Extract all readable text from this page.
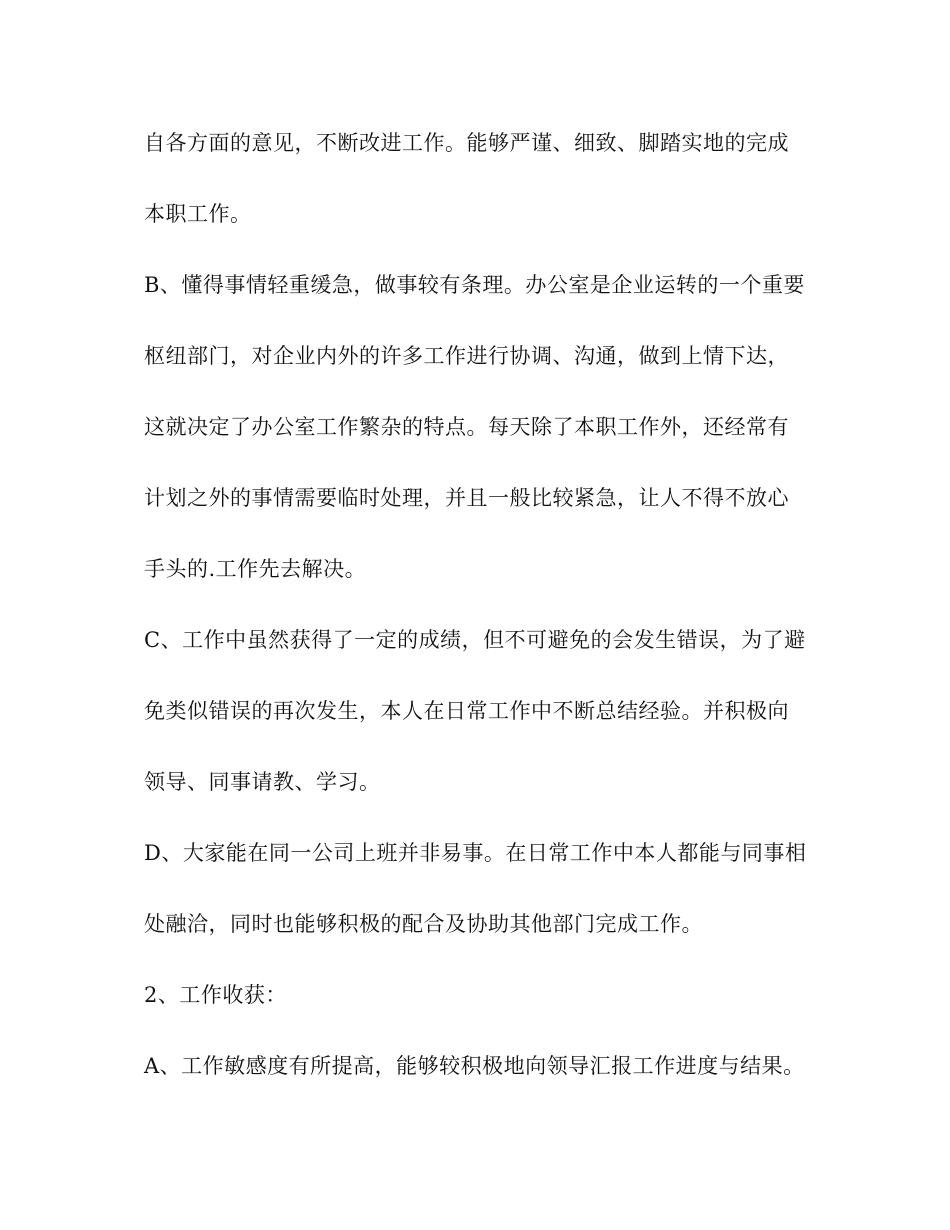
自各方面的意见，不断改进工作。能够严谨、细致、脚踏实地的完成
本职工作。
B、懂得事情轻重缓急，做事较有条理。办公室是企业运转的一个重要
枢纽部门，对企业内外的许多工作进行协调、沟通，做到上情下达，
这就决定了办公室工作繁杂的特点。每天除了本职工作外，还经常有
计划之外的事情需要临时处理，并且一般比较紧急，让人不得不放心
手头的.工作先去解决。
C、工作中虽然获得了一定的成绩，但不可避免的会发生错误，为了避
免类似错误的再次发生，本人在日常工作中不断总结经验。并积极向
领导、同事请教、学习。
D、大家能在同一公司上班并非易事。在日常工作中本人都能与同事相
处融洽，同时也能够积极的配合及协助其他部门完成工作。
2、工作收获：
A、工作敏感度有所提高，能够较积极地向领导汇报工作进度与结果。
